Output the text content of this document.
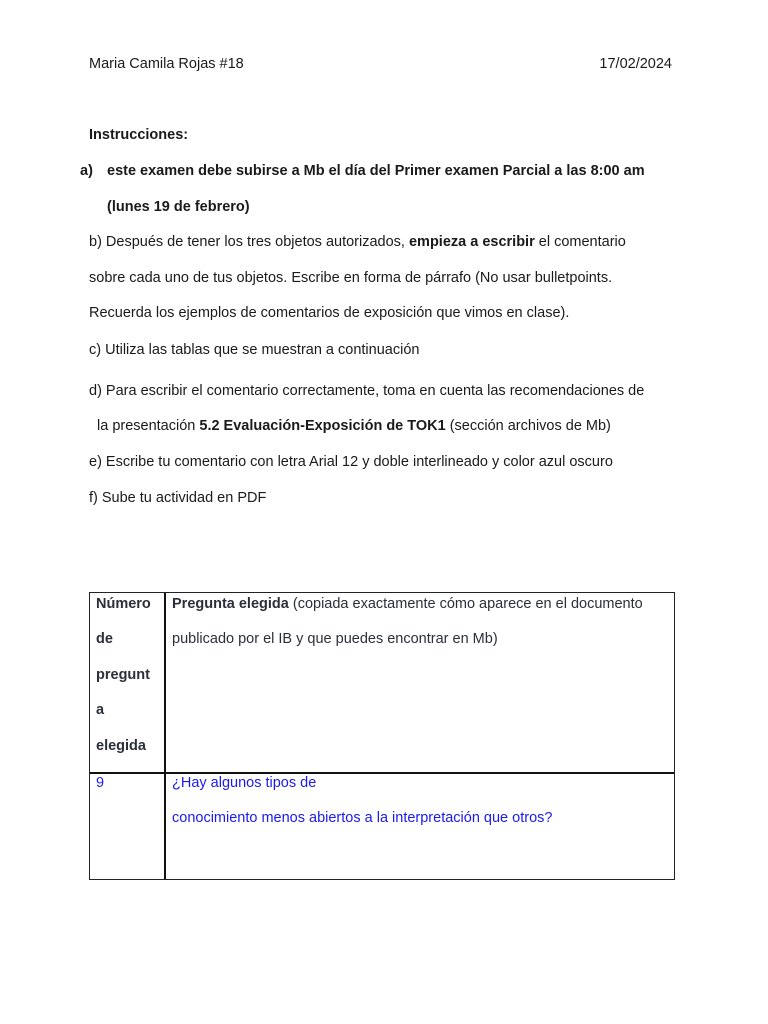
Maria Camila Rojas #18	17/02/2024
Instrucciones:
a) este examen debe subirse a Mb el día del Primer examen Parcial a las 8:00 am
(lunes 19 de febrero)
b) Después de tener los tres objetos autorizados, empieza a escribir el comentario
sobre cada uno de tus objetos. Escribe en forma de párrafo (No usar bulletpoints.
Recuerda los ejemplos de comentarios de exposición que vimos en clase).
c) Utiliza las tablas que se muestran a continuación
d) Para escribir el comentario correctamente, toma en cuenta las recomendaciones de
la presentación 5.2 Evaluación-Exposición de TOK1 (sección archivos de Mb)
e) Escribe tu comentario con letra Arial 12 y doble interlineado y color azul oscuro
f) Sube tu actividad en PDF
Número
de
pregunt
a
elegida
Pregunta elegida (copiada exactamente cómo aparece en el documento
publicado por el IB y que puedes encontrar en Mb)
9	¿Hay algunos tipos de
conocimiento menos abiertos a la interpretación que otros?
